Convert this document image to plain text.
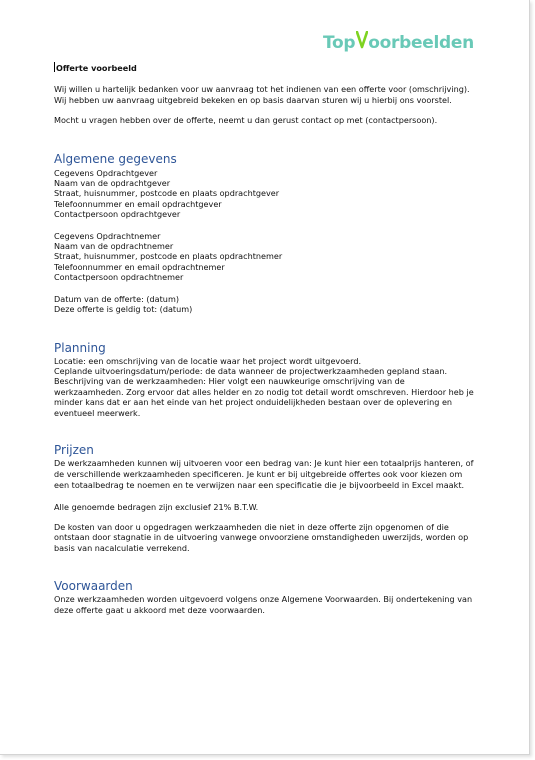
Top oorbeelden
Offerte voorbeeld

Wij willen u hartelijk bedanken voor uw aanvraag tot het indienen van een offerte voor (omschrijving). Wij hebben uw aanvraag uitgebreid bekeken en op basis daarvan sturen wij u hierbij ons voorstel.

Mocht u vragen hebben over de offerte, neemt u dan gerust contact op met (contactpersoon).

Algemene gegevens
Cegevens Opdrachtgever
Naam van de opdrachtgever
Straat, huisnummer, postcode en plaats opdrachtgever
Telefoonnummer en email opdrachtgever
Contactpersoon opdrachtgever
Cegevens Opdrachtnemer
Naam van de opdrachtnemer
Straat, huisnummer, postcode en plaats opdrachtnemer
Telefoonnummer en email opdrachtnemer
Contactpersoon opdrachtnemer
Datum van de offerte: (datum)
Deze offerte is geldig tot: (datum)
Planning

Locatie: een omschrijving van de locatie waar het project wordt uitgevoerd.

Ceplande uitvoeringsdatum/periode: de data wanneer de projectwerkzaamheden gepland staan.

Beschrijving van de werkzaamheden: Hier volgt een nauwkeurige omschrijving van de werkzaamheden. Zorg ervoor dat alles helder en zo nodig tot detail wordt omschreven. Hierdoor heb je minder kans dat er aan het einde van het project onduidelijkheden bestaan over de oplevering en eventueel meerwerk.

Prijzen

De werkzaamheden kunnen wij uitvoeren voor een bedrag van: Je kunt hier een totaalprijs hanteren, of de verschillende werkzaamheden specificeren. Je kunt er bij uitgebreide offertes ook voor kiezen om een totaalbedrag te noemen en te verwijzen naar een specificatie die je bijvoorbeeld in Excel maakt.

Alle genoemde bedragen zijn exclusief 21% B.T.W.

De kosten van door u opgedragen werkzaamheden die niet in deze offerte zijn opgenomen of die ontstaan door stagnatie in de uitvoering vanwege onvoorziene omstandigheden uwerzijds, worden op basis van nacalculatie verrekend.

Voorwaarden

Onze werkzaamheden worden uitgevoerd volgens onze Algemene Voorwaarden. Bij ondertekening van deze offerte gaat u akkoord met deze voorwaarden.
